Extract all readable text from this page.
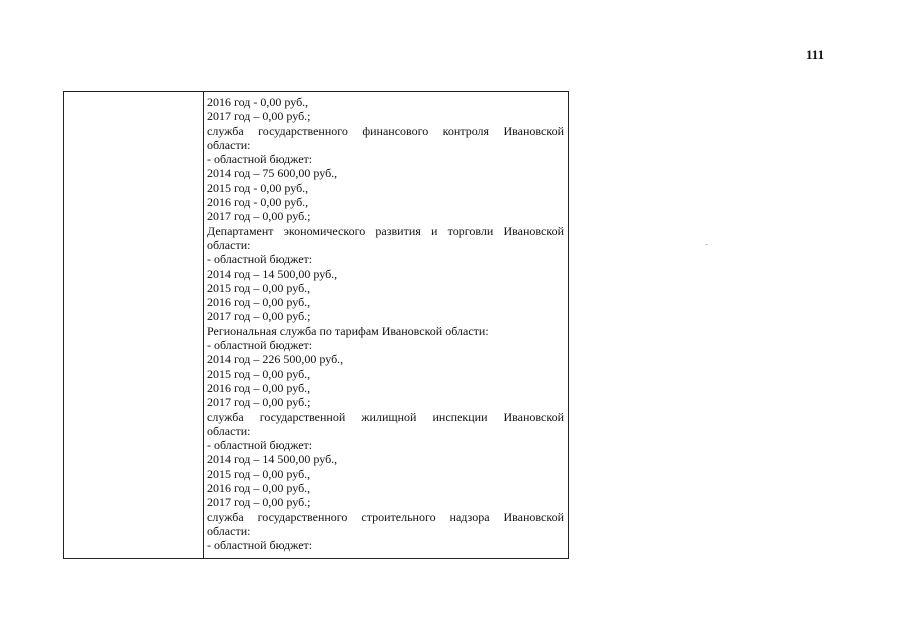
111

2016 год - 0,00 руб.,
2017 год – 0,00 руб.;
служба государственного финансового контроля Ивановской
области:
- областной бюджет:
2014 год – 75 600,00 руб.,
2015 год - 0,00 руб.,
2016 год - 0,00 руб.,
2017 год – 0,00 руб.;
Департамент экономического развития и торговли Ивановской
области:
- областной бюджет:
2014 год – 14 500,00 руб.,
2015 год – 0,00 руб.,
2016 год – 0,00 руб.,
2017 год – 0,00 руб.;
Региональная служба по тарифам Ивановской области:
- областной бюджет:
2014 год – 226 500,00 руб.,
2015 год – 0,00 руб.,
2016 год – 0,00 руб.,
2017 год – 0,00 руб.;
служба государственной жилищной инспекции Ивановской
области:
- областной бюджет:
2014 год – 14 500,00 руб.,
2015 год – 0,00 руб.,
2016 год – 0,00 руб.,
2017 год – 0,00 руб.;
служба государственного строительного надзора Ивановской
области:
- областной бюджет:
